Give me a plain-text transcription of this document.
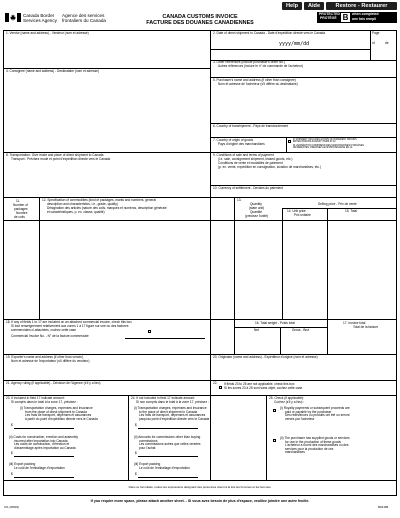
Help	Aide	Restore - Restaurer
Canada Border
Services Agency
Agence des services
frontaliers du Canada
CANADA CUSTOMS INVOICE
FACTURE DES DOUANES CANADIENNES
PROTECTED
PROTÉGÉ B	when completed
une fois rempli
1. Vendor (name and address) - Vendeur (nom et adresse)	2. Date of direct shipment to Canada - Date d'expédition directe vers le Canada
yyyy/mm/dd
Page
of	de
3. Other references (include purchaser's order No.)
Autres références (inclure le n° de commande de l'acheteur)
4. Consignee (name and address) - Destinataire (nom et adresse)
5. Purchaser's name and address (if other than consignee)
Nom et adresse de l'acheteur (s'il diffère du destinataire)
6. Country of transhipment - Pays de transbordement
7. Country of origin of goods
Pays d'origine des marchandises
IF SHIPMENT INCLUDES GOODS OF DIFFERENT ORIGINS
ENTER ORIGINS AGAINST ITEMS IN 12.
SI L'EXPÉDITION COMPREND DES MARCHANDISES D'ORIGINES
DIFFÉRENTES, PRÉCISEZ LEUR PROVENANCE EN 12.
8. Transportation: Give mode and place of direct shipment to Canada
Transport : Précisez mode et point d'expédition directe vers le Canada
9. Conditions of sale and terms of payment
(i.e. sale, consignment shipment, leased goods, etc.)
Conditions de vente et modalités de paiement
(p. ex. vente, expédition en consignation, location de marchandises, etc.)
10. Currency of settlement - Devises du paiement
11.
Number of
packages
Nombre
de colis
12. Specification of commodities (kind of packages, marks and numbers, general
description and characteristics, i.e., grade, quality)
Désignation des articles (nature des colis, marques et numéros, description générale
et caractéristiques, p. ex. classe, qualité)
13.
Quantity
(state unit)
Quantité
(précisez l'unité)
Selling price - Prix de vente
14. Unit price
Prix unitaire
15. Total
18. If any of fields 1 to 17 are included on an attached commercial invoice, check this box
Si tout renseignement relativement aux zones 1 à 17 figure sur une ou des factures
commerciales ci-attachées, cochez cette case
Commercial Invoice No. - N° de la facture commerciale
16. Total weight - Poids total
Net	Gross - Brut
17. Invoice total
Total de la facture
19. Exporter's name and address (if other than vendor)
Nom et adresse de l'exportateur (s'il diffère du vendeur)
20. Originator (name and address) - Expéditeur d'origine (nom et adresse)
21. Agency ruling (if applicable) - Décision de l'Agence (s'il y a lieu)	22. If fields 23 to 25 are not applicable, check this box
Si les zones 23 à 25 sont sans objet, cochez cette case
23. If included in field 17 indicate amount:
Si compris dans le total à la zone 17, précisez :
(i) Transportation charges, expenses and insurance
from the place of direct shipment to Canada
Les frais de transport, dépenses et assurances
à partir du point d'expédition directe vers le Canada
$
(ii) Costs for construction, erection and assembly
incurred after importation into Canada
Les coûts de construction, d'érection et
d'assemblage après importation au Canada
$
(iii) Export packing
Le coût de l'emballage d'exportation
$
24. If not included in field 17 indicate amount:
Si non compris dans le total à la zone 17, précisez :
(i) Transportation charges, expenses and insurance
to the place of direct shipment to Canada
Les frais de transport, dépenses et assurances
jusqu'au point d'expédition directe vers le Canada
$
(ii) Amounts for commissions other than buying
commissions
Les commissions autres que celles versées
pour l'achat
$
(iii) Export packing
Le coût de l'emballage d'exportation
$
25. Check (if applicable):
Cochez (s'il y a lieu) :
(i) Royalty payments or subsequent proceeds are
paid or payable by the purchaser
Des redevances ou produits ont été ou seront
versés par l'acheteur
(ii) The purchaser has supplied goods or services
for use in the production of these goods
L'acheteur a fourni des marchandises ou des
services pour la production de ces
marchandises
Dans ce formulaire, toutes les expressions désignant des personnes visent à la fois les hommes et les femmes.
If you require more space, please attach another sheet. - Si vous avez besoin de plus d'espace, veuillez joindre une autre feuille.
CI1 (08/09)	B02186
